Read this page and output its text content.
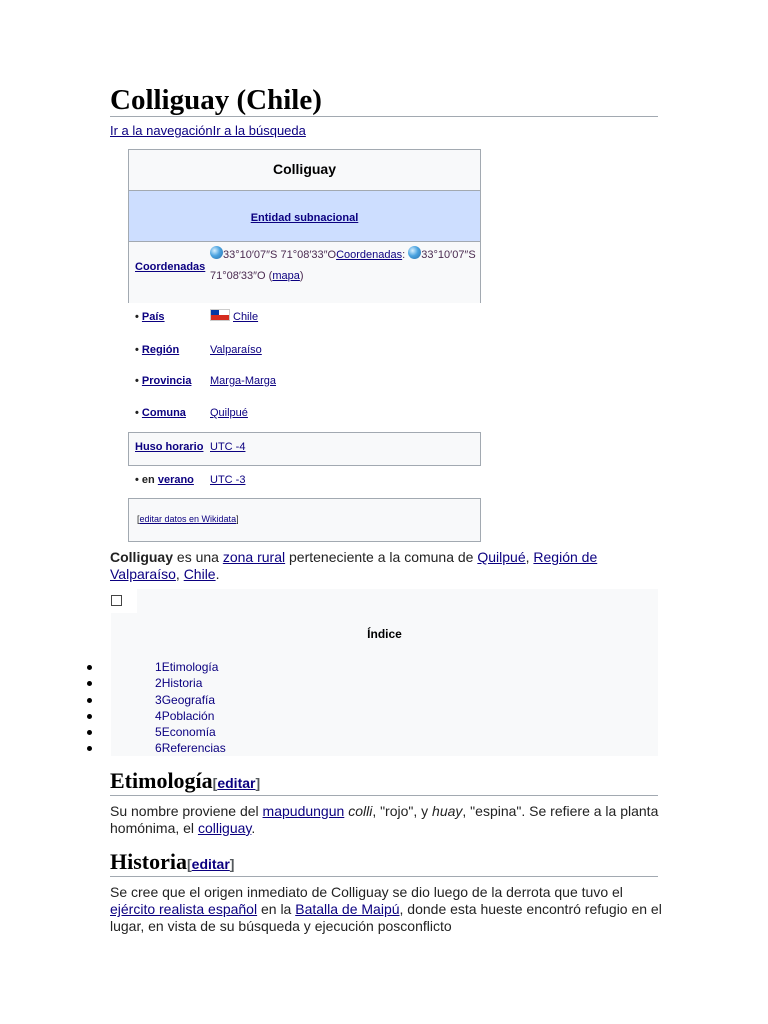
Colliguay (Chile)
Ir a la navegaciónIr a la búsqueda
Colliguay
Entidad subnacional
Coordenadas
33°10′07″S 71°08′33″OCoordenadas: 33°10′07″S 71°08′33″O (mapa)
• País	Chile
• Región	Valparaíso
• Provincia Marga-Marga
• Comuna Quilpué
Huso horario UTC -4
• en verano UTC -3
[editar datos en Wikidata]

Colliguay es una zona rural perteneciente a la comuna de Quilpué, Región de Valparaíso, Chile.

Índice
1Etimología
2Historia
3Geografía
4Población
5Economía
6Referencias
Etimología[editar]

Su nombre proviene del mapudungun colli, "rojo", y huay, "espina". Se refiere a la planta homónima, el colliguay.

Historia[editar]

Se cree que el origen inmediato de Colliguay se dio luego de la derrota que tuvo el ejército realista español en la Batalla de Maipú, donde esta hueste encontró refugio en el lugar, en vista de su búsqueda y ejecución posconflicto
